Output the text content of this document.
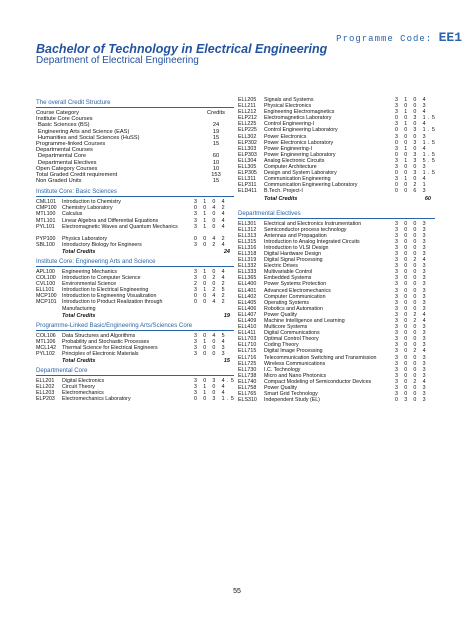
Programme Code: EE1
Bachelor of Technology in Electrical Engineering
Department of Electrical Engineering
The overall Credit Structure
Course Category	Credits
Institute Core Courses
Basic Sciences (BS)	24
Engineering Arts and Science (EAS)	19
Humanities and Social Sciences (HuSS)	15
Programme-linked Courses	15
Departmental Courses
Departmental Core	60
Departmental Electives	10
Open Category Courses	10
Total Graded Credit requirement	153
Non Graded Units	15
Institute Core: Basic Sciences
CML101	Introduction to Chemistry	3 1 0 4
CMP100	Chemistry Laboratory	0 0 4 2
MTL100	Calculus	3 1 0 4
MTL101	Linear Algebra and Differential Equations	3 1 0 4
PYL101	Electromagnetic Waves and Quantum Mechanics	3 1 0 4
PYP100	Physics Laboratory	0 0 4 2
SBL100	Introductory Biology for Engineers	3 0 2 4
Total Credits	24
Institute Core: Engineering Arts and Science
APL100	Engineering Mechanics	3 1 0 4
COL100	Introduction to Computer Science	3 0 2 4
CVL100	Environmental Science	2 0 0 2
ELL101	Introduction to Electrical Engineering	3 1 2 5
MCP100	Introduction to Engineering Visualization	0 0 4 2
MCP101	Introduction to Product Realization through Manufacturing
0 0 4 2
Total Credits	19
Programme-Linked Basic/Engineering Arts/Sciences Core
COL106	Data Structures and Algorithms	3 0 4 5
MTL106	Probability and Stochastic Processes	3 1 0 4
MCL142	Thermal Science for Electrical Engineers	3 0 0 3
PYL102	Principles of Electronic Materials	3 0 0 3
Total Credits	15
Departmental Core
ELL201	Digital Electronics	3 0 3 4.5
ELL202	Circuit Theory	3 1 0 4
ELL203	Electromechanics	3 1 0 4
ELP203	Electromechanics Laboratory	0 0 3 1.5
ELL205	Signals and Systems	3 1 0 4
ELL211	Physical Electronics	3 0 0 3
ELL212	Engineering Electromagnetics	3 1 0 4
ELP212	Electromagnetics Laboratory	0 0 3 1.5
ELL225	Control Engineering-I	3 1 0 4
ELP225	Control Engineering Laboratory	0 0 3 1.5
ELL302	Power Electronics	3 0 0 3
ELP302	Power Electronics Laboratory	0 0 3 1.5
ELL303	Power Engineering-I	3 1 0 4
ELP303	Power Engineering Laboratory	0 0 3 1.5
ELL304	Analog Electronic Circuits	3 1 3 5.5
ELL305	Computer Architecture	3 0 0 3
ELP305	Design and System Laboratory	0 0 3 1.5
ELL311	Communication Engineering	3 1 0 4
ELP311	Communication Engineering Laboratory	0 0 2 1
ELD411	B.Tech. Project-I	0 0 6 3
Total Credits	60
Departmental Electives
ELL301	Electrical and Electronics Instrumentation	3 0 0 3
ELL312	Semiconductor process technology	3 0 0 3
ELL313	Antennas and Propagation	3 0 0 3
ELL315	Introduction to Analog Integrated Circuits	3 0 0 3
ELL316	Introduction to VLSI Design	3 0 0 3
ELL318	Digital Hardware Design	3 0 0 3
ELL319	Digital Signal Processing	3 0 2 4
ELL332	Electric Drives	3 0 0 3
ELL333	Multivariable Control	3 0 0 3
ELL365	Embedded Systems	3 0 0 3
ELL400	Power Systems Protection	3 0 0 3
ELL401	Advanced Electromechanics	3 0 0 3
ELL402	Computer Communication	3 0 0 3
ELL405	Operating Systems	3 0 0 3
ELL406	Robotics and Automation	3 0 0 3
ELL407	Power Quality	3 0 2 4
ELL409	Machine Intelligence and Learning	3 0 2 4
ELL410	Multicore Systems	3 0 0 3
ELL411	Digital Communications	3 0 0 3
ELL703	Optimal Control Theory	3 0 0 3
ELL710	Coding Theory	3 0 0 3
ELL715	Digital Image Processing	3 0 2 4
ELL716	Telecommunication Switching and Transmission	3 0 0 3
ELL725	Wireless Communications	3 0 0 3
ELL730	I.C. Technology	3 0 0 3
ELL738	Micro and Nano Photonics	3 0 0 3
ELL740	Compact Modeling of Semiconductor Devices	3 0 2 4
ELL758	Power Quality	3 0 0 3
ELL765	Smart Grid Technology	3 0 0 3
ELS310	Independent Study (EL)	0 3 0 3
55
